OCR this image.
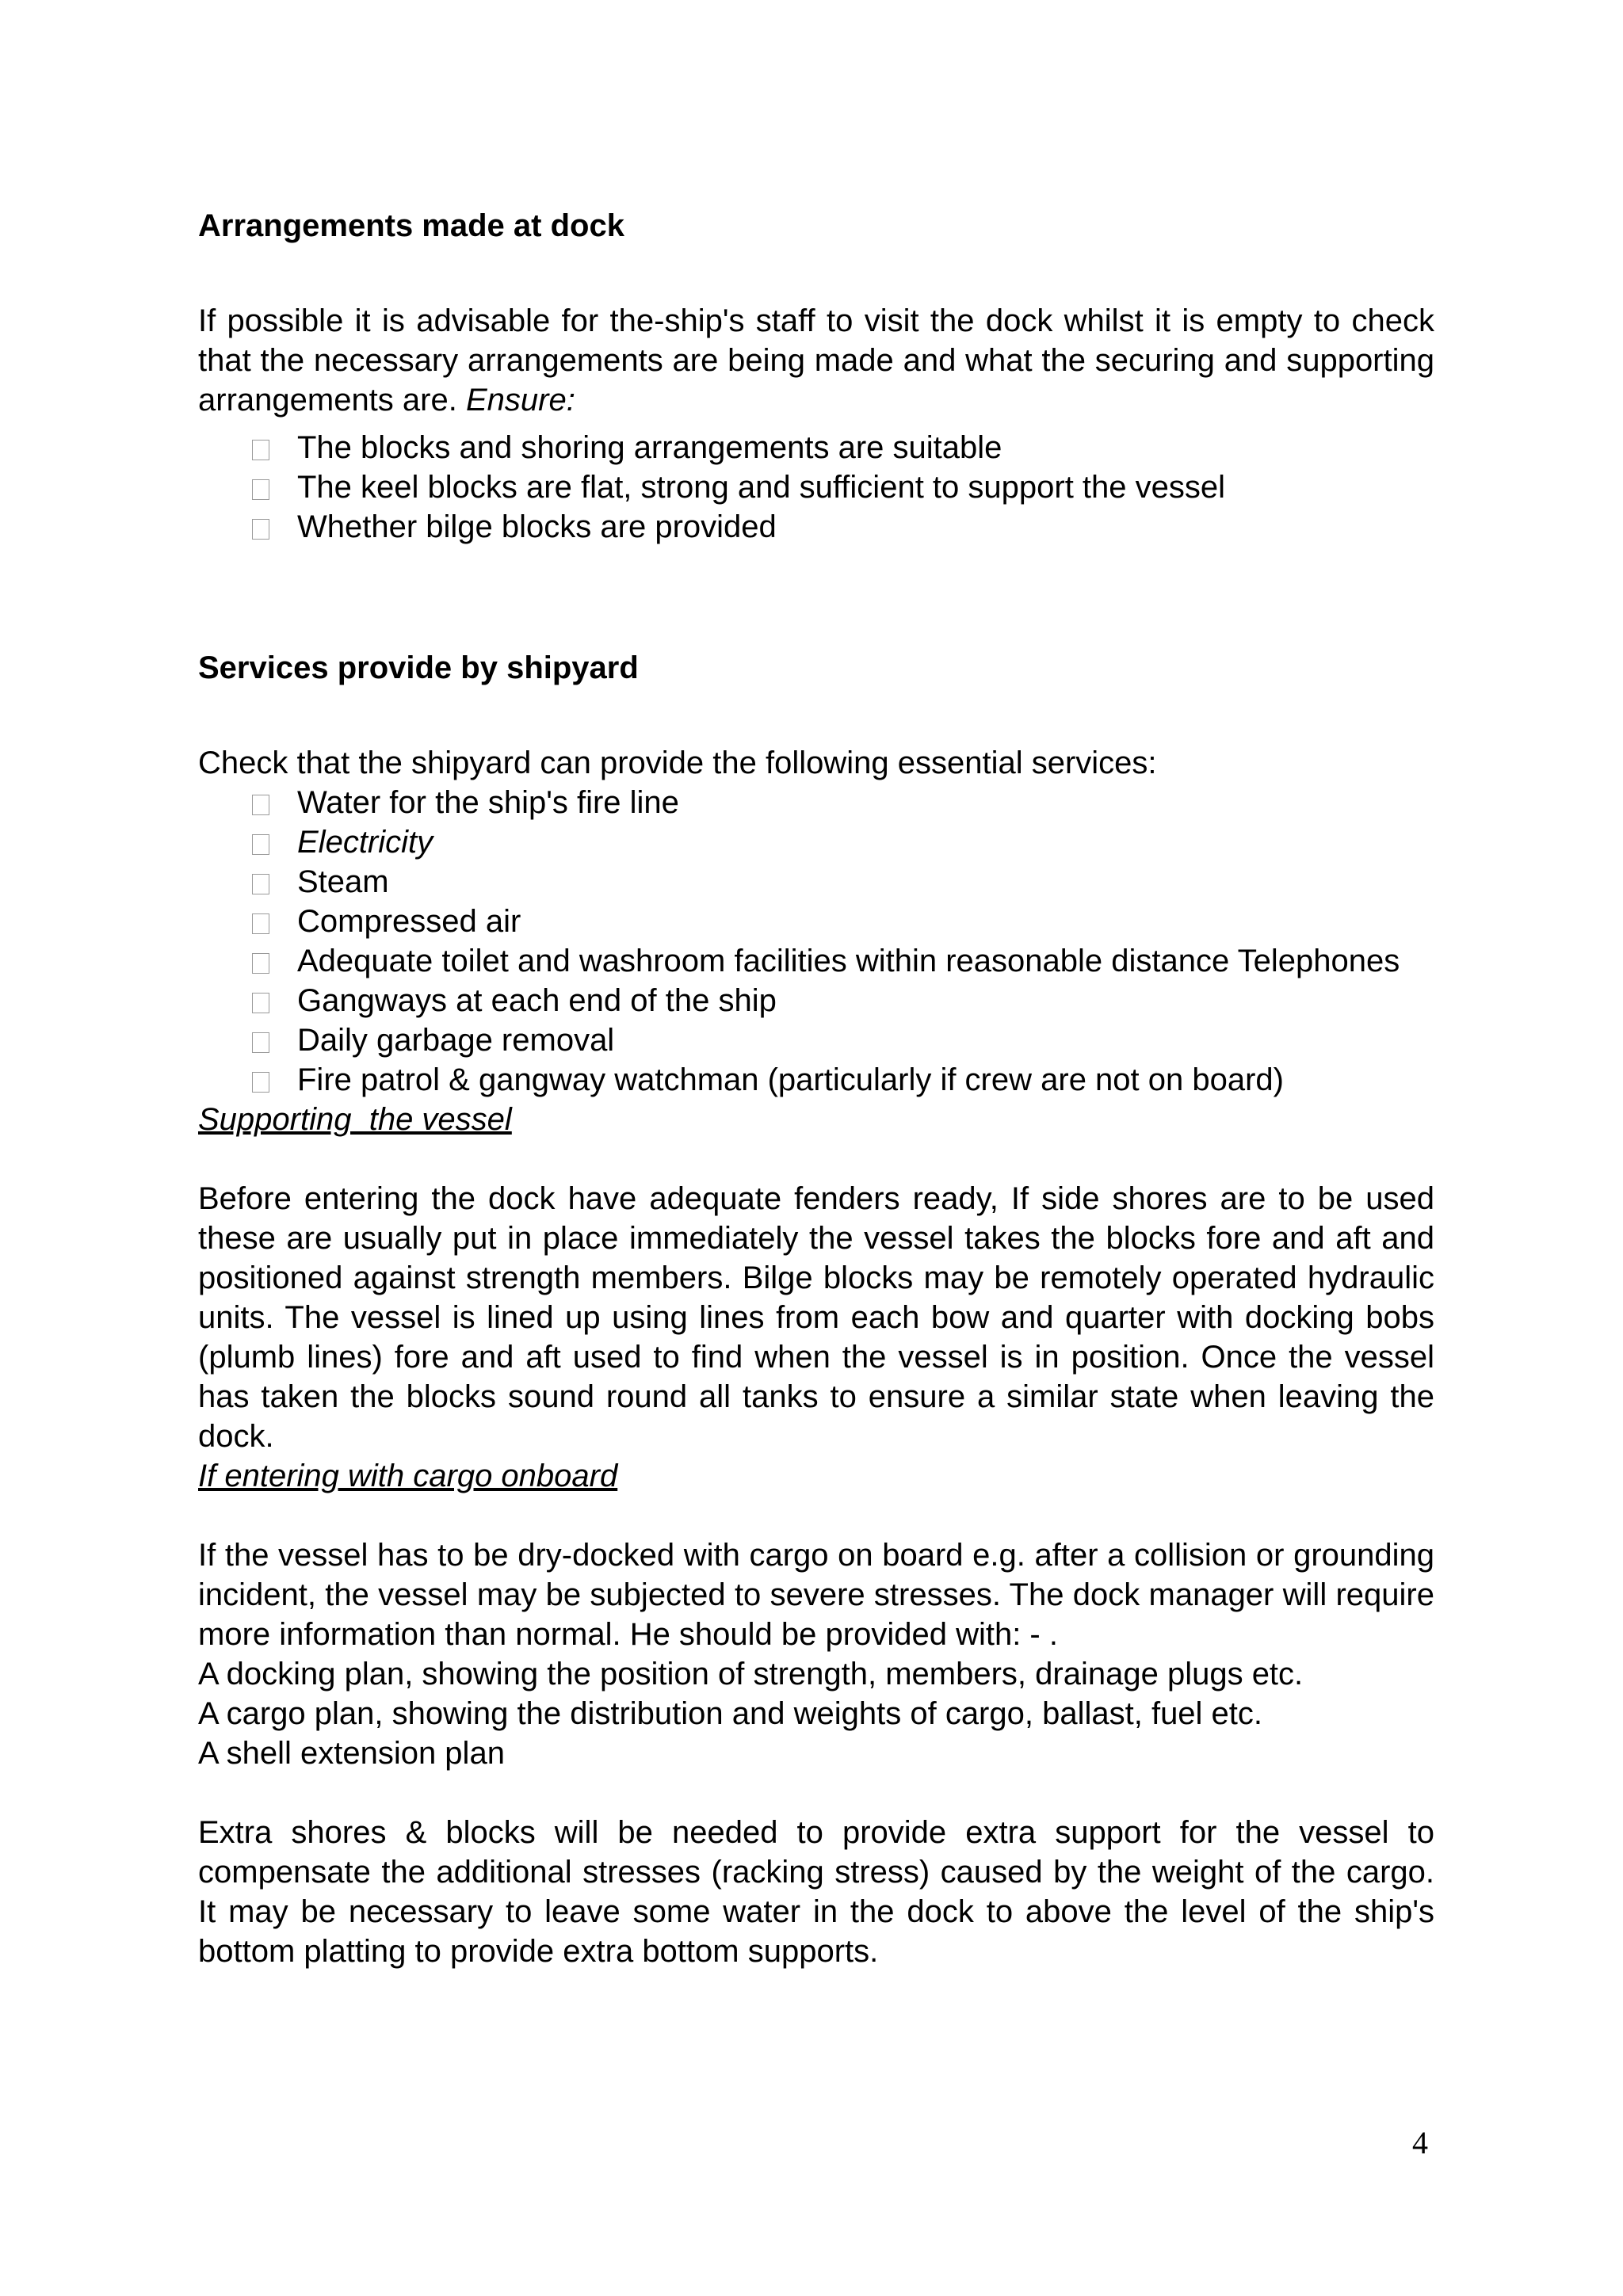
Arrangements made at dock

If possible it is advisable for the-ship's staff to visit the dock whilst it is empty to check that the necessary arrangements are being made and what the securing and supporting arrangements are. Ensure:

The blocks and shoring arrangements are suitable
The keel blocks are flat, strong and sufficient to support the vessel
Whether bilge blocks are provided
Services provide by shipyard

Check that the shipyard can provide the following essential services:

Water for the ship's fire line
Electricity
Steam
Compressed air
Adequate toilet and washroom facilities within reasonable distance Telephones
Gangways at each end of the ship
Daily garbage removal
Fire patrol & gangway watchman (particularly if crew are not on board)

Supporting  the vessel

Before entering the dock have adequate fenders ready, If side shores are to be used these are usually put in place immediately the vessel takes the blocks fore and aft and positioned against strength members. Bilge blocks may be remotely operated hydraulic units. The vessel is lined up using lines from each bow and quarter with docking bobs (plumb lines) fore and aft used to find when the vessel is in position. Once the vessel has taken the blocks sound round all tanks to ensure a similar state when leaving the dock.

If entering with cargo onboard

If the vessel has to be dry-docked with cargo on board e.g. after a collision or grounding incident, the vessel may be subjected to severe stresses. The dock manager will require more information than normal. He should be provided with: - .

A docking plan, showing the position of strength, members, drainage plugs etc.

A cargo plan, showing the distribution and weights of cargo, ballast, fuel etc.

A shell extension plan

Extra shores & blocks will be needed to provide extra support for the vessel to compensate the additional stresses (racking stress) caused by the weight of the cargo. It may be necessary to leave some water in the dock to above the level of the ship's bottom platting to provide extra bottom supports.

4
